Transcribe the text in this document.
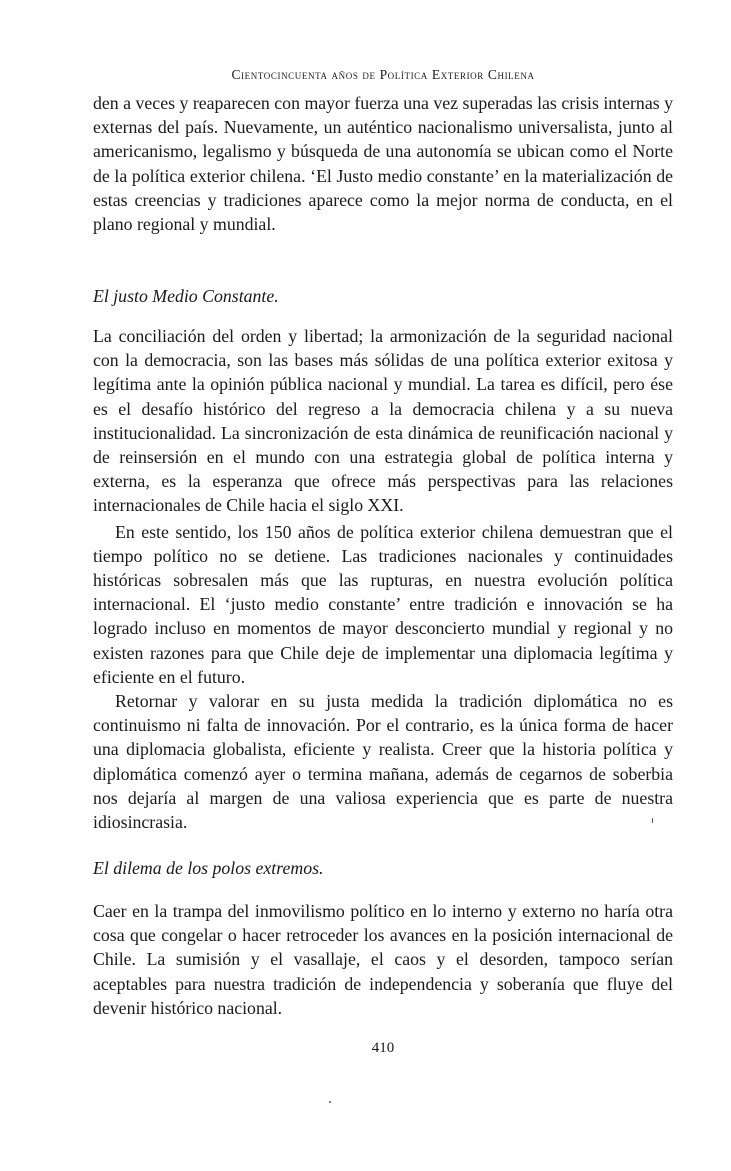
Cientocincuenta años de Política Exterior Chilena

den a veces y reaparecen con mayor fuerza una vez superadas las crisis internas y externas del país. Nuevamente, un auténtico nacionalismo universalista, junto al americanismo, legalismo y búsqueda de una autonomía se ubican como el Norte de la política exterior chilena. ‘El Justo medio constante’ en la materialización de estas creencias y tradiciones aparece como la mejor norma de conducta, en el plano regional y mundial.

El justo Medio Constante.

La conciliación del orden y libertad; la armonización de la seguridad nacional con la democracia, son las bases más sólidas de una política exterior exitosa y legítima ante la opinión pública nacional y mundial. La tarea es difícil, pero ése es el desafío histórico del regreso a la democracia chilena y a su nueva institucionalidad. La sincronización de esta dinámica de reunificación nacional y de reinsersión en el mundo con una estrategia global de política interna y externa, es la esperanza que ofrece más perspectivas para las relaciones internacionales de Chile hacia el siglo XXI.

En este sentido, los 150 años de política exterior chilena demuestran que el tiempo político no se detiene. Las tradiciones nacionales y continuidades históricas sobresalen más que las rupturas, en nuestra evolución política internacional. El ‘justo medio constante’ entre tradición e innovación se ha logrado incluso en momentos de mayor desconcierto mundial y regional y no existen razones para que Chile deje de implementar una diplomacia legítima y eficiente en el futuro.

Retornar y valorar en su justa medida la tradición diplomática no es continuismo ni falta de innovación. Por el contrario, es la única forma de hacer una diplomacia globalista, eficiente y realista. Creer que la historia política y diplomática comenzó ayer o termina mañana, además de cegarnos de soberbia nos dejaría al margen de una valiosa experiencia que es parte de nuestra idiosincrasia.

El dilema de los polos extremos.

Caer en la trampa del inmovilismo político en lo interno y externo no haría otra cosa que congelar o hacer retroceder los avances en la posición internacional de Chile. La sumisión y el vasallaje, el caos y el desorden, tampoco serían aceptables para nuestra tradición de independencia y soberanía que fluye del devenir histórico nacional.

410
